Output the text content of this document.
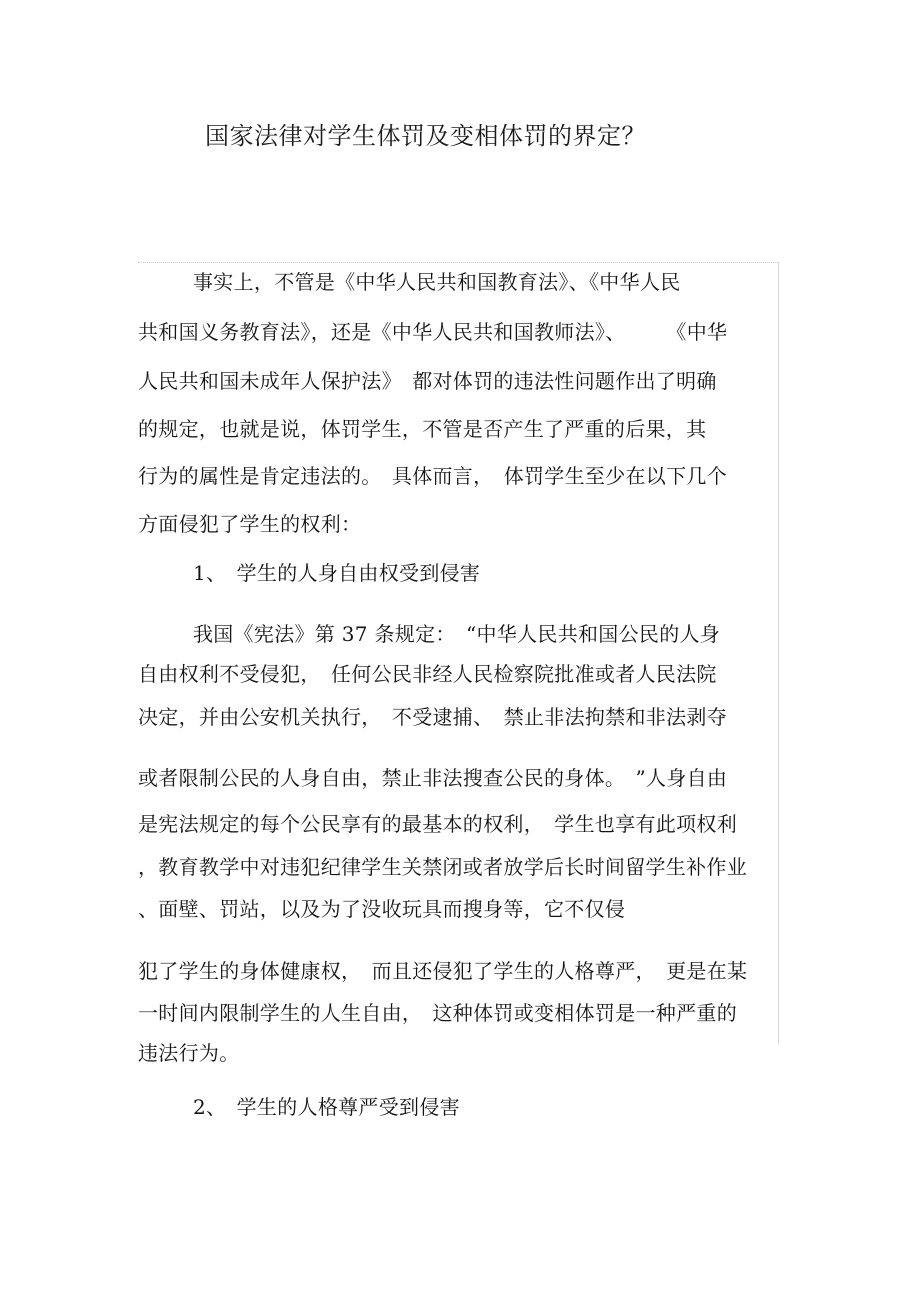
国家法律对学生体罚及变相体罚的界定？
事实上，不管是《中华人民共和国教育法》、《中华人民
共和国义务教育法》，还是《中华人民共和国教师法》、　　　《中华
人民共和国未成年人保护法》　都对体罚的违法性问题作出了明确
的规定，也就是说，体罚学生，不管是否产生了严重的后果，其
行为的属性是肯定违法的。　具体而言，　体罚学生至少在以下几个
方面侵犯了学生的权利：
1、　学生的人身自由权受到侵害
我国《宪法》第 37 条规定：　“中华人民共和国公民的人身
自由权利不受侵犯，　任何公民非经人民检察院批准或者人民法院
决定，并由公安机关执行，　不受逮捕、　禁止非法拘禁和非法剥夺
或者限制公民的人身自由，禁止非法搜查公民的身体。　”人身自由
是宪法规定的每个公民享有的最基本的权利，　学生也享有此项权利
，教育教学中对违犯纪律学生关禁闭或者放学后长时间留学生补作业
、面壁、罚站，以及为了没收玩具而搜身等，它不仅侵
犯了学生的身体健康权，　而且还侵犯了学生的人格尊严，　更是在某
一时间内限制学生的人生自由，　这种体罚或变相体罚是一种严重的
违法行为。
2、　学生的人格尊严受到侵害
